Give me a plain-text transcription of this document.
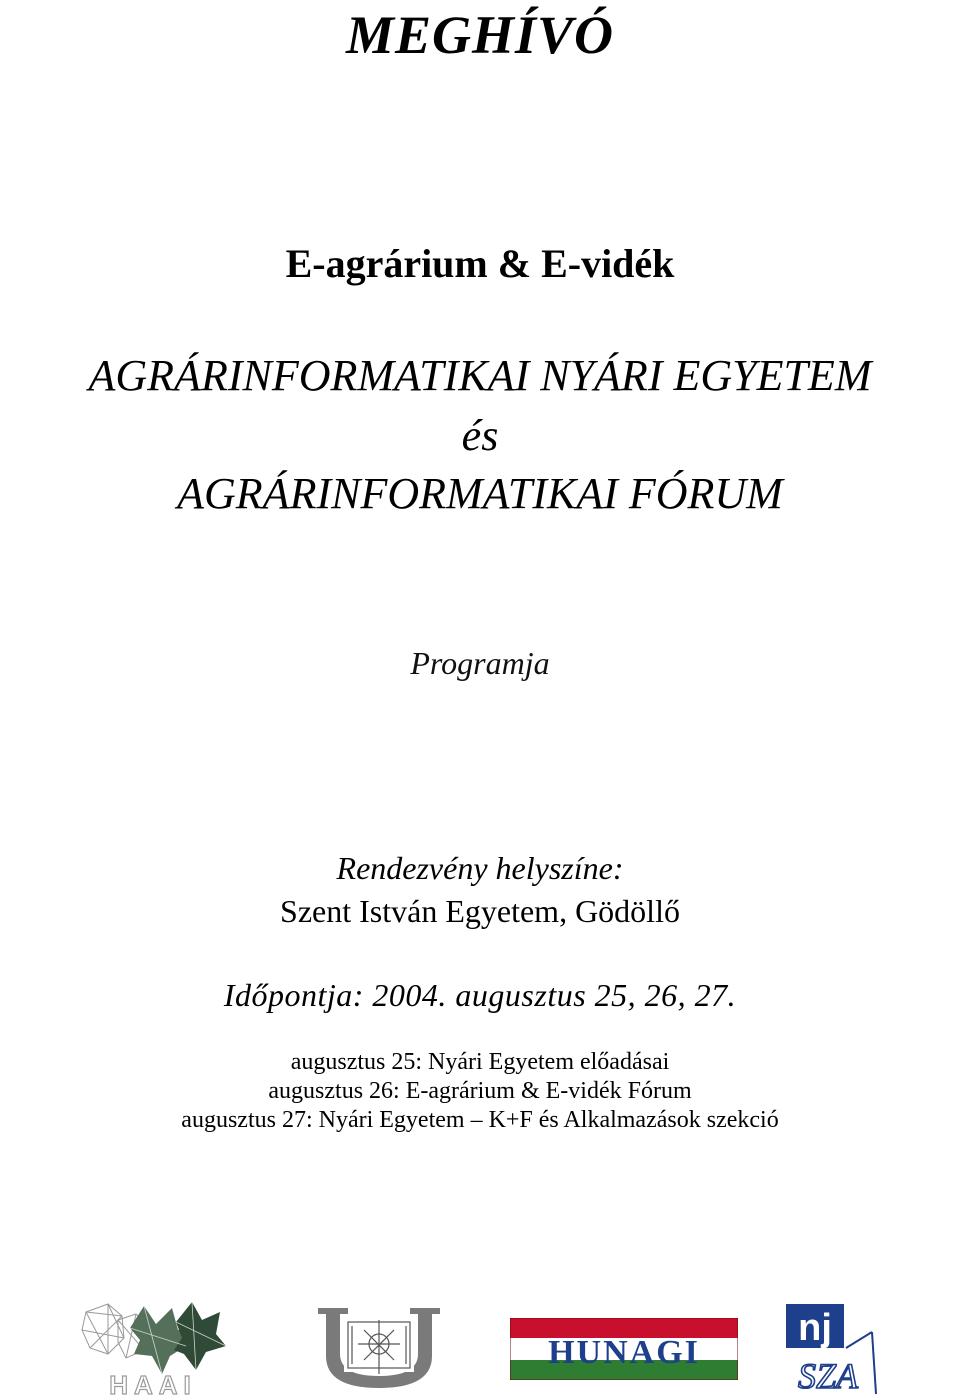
MEGHÍVÓ
E-agrárium & E-vidék
AGRÁRINFORMATIKAI NYÁRI EGYETEM
és
AGRÁRINFORMATIKAI FÓRUM
Programja
Rendezvény helyszíne:
Szent István Egyetem, Gödöllő
Időpontja: 2004. augusztus 25, 26, 27.
augusztus 25: Nyári Egyetem előadásai
augusztus 26: E-agrárium & E-vidék Fórum
augusztus 27: Nyári Egyetem – K+F és Alkalmazások szekció
HAAI
HUNAGI
nj
SZA
